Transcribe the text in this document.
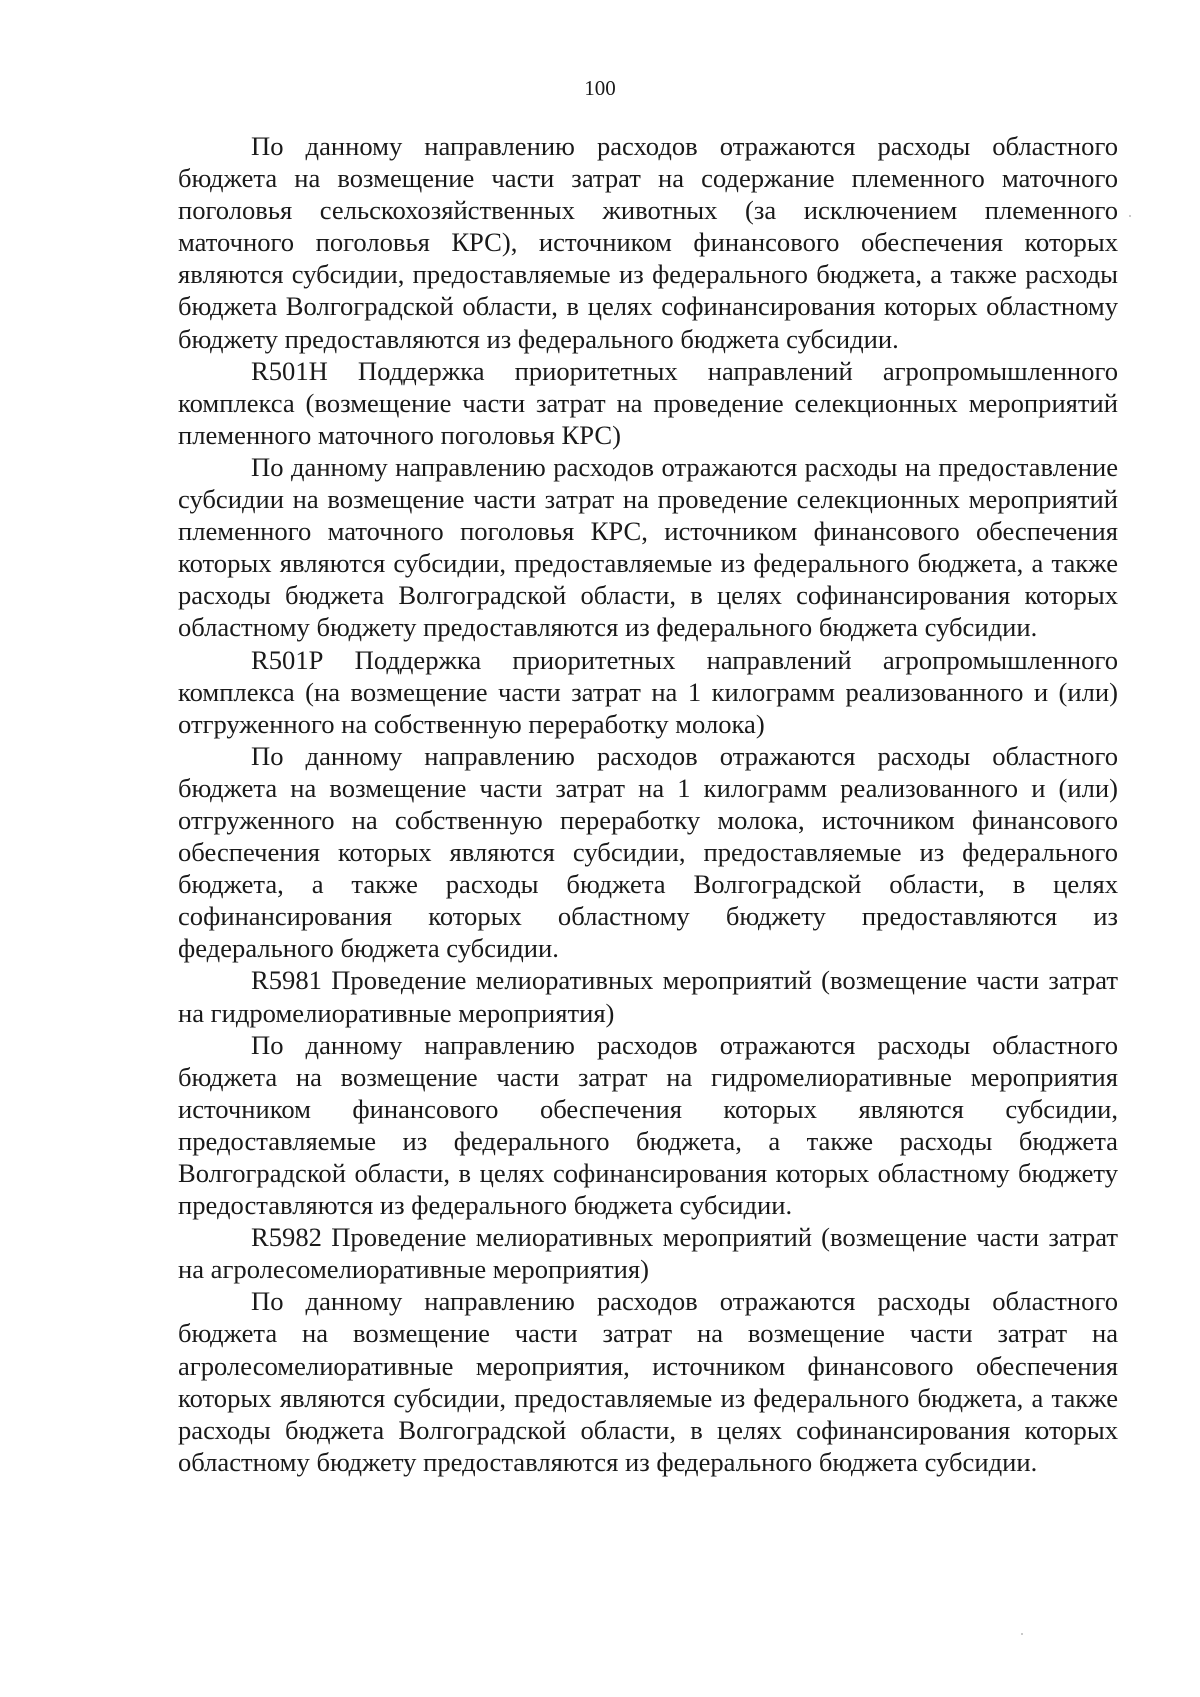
100

По данному направлению расходов отражаются расходы областного бюджета на возмещение части затрат на содержание племенного маточного поголовья сельскохозяйственных животных (за исключением племенного маточного поголовья КРС), источником финансового обеспечения которых являются субсидии, предоставляемые из федерального бюджета, а также расходы бюджета Волгоградской области, в целях софинансирования которых областному бюджету предоставляются из федерального бюджета субсидии.

R501Н Поддержка приоритетных направлений агропромышленного комплекса (возмещение части затрат на проведение селекционных мероприятий племенного маточного поголовья КРС)

По данному направлению расходов отражаются расходы на предоставление субсидии на возмещение части затрат на проведение селекционных мероприятий племенного маточного поголовья КРС, источником финансового обеспечения которых являются субсидии, предоставляемые из федерального бюджета, а также расходы бюджета Волгоградской области, в целях софинансирования которых областному бюджету предоставляются из федерального бюджета субсидии.

R501Р Поддержка приоритетных направлений агропромышленного комплекса (на возмещение части затрат на 1 килограмм реализованного и (или) отгруженного на собственную переработку молока)

По данному направлению расходов отражаются расходы областного бюджета на возмещение части затрат на 1 килограмм реализованного и (или) отгруженного на собственную переработку молока, источником финансового обеспечения которых являются субсидии, предоставляемые из федерального бюджета, а также расходы бюджета Волгоградской области, в целях софинансирования которых областному бюджету предоставляются из федерального бюджета субсидии.

R5981 Проведение мелиоративных мероприятий (возмещение части затрат на гидромелиоративные мероприятия)

По данному направлению расходов отражаются расходы областного бюджета на возмещение части затрат на гидромелиоративные мероприятия источником финансового обеспечения которых являются субсидии, предоставляемые из федерального бюджета, а также расходы бюджета Волгоградской области, в целях софинансирования которых областному бюджету предоставляются из федерального бюджета субсидии.

R5982 Проведение мелиоративных мероприятий (возмещение части затрат на агролесомелиоративные мероприятия)

По данному направлению расходов отражаются расходы областного бюджета на возмещение части затрат на возмещение части затрат на агролесомелиоративные мероприятия, источником финансового обеспечения которых являются субсидии, предоставляемые из федерального бюджета, а также расходы бюджета Волгоградской области, в целях софинансирования которых областному бюджету предоставляются из федерального бюджета субсидии.
